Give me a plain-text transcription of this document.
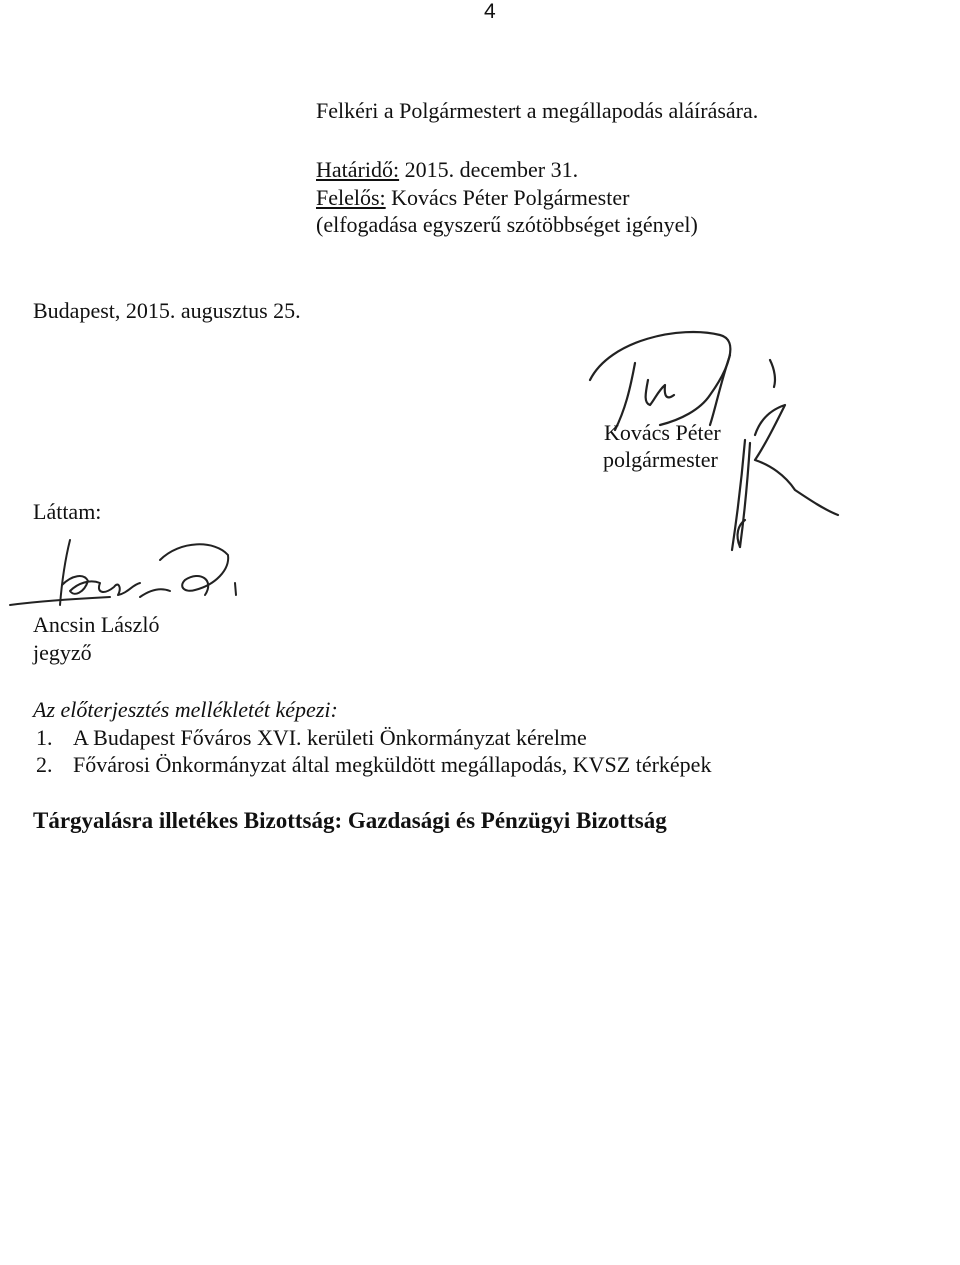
4
Felkéri a Polgármestert a megállapodás aláírására.
Határidő: 2015. december 31.
Felelős: Kovács Péter Polgármester
(elfogadása egyszerű szótöbbséget igényel)
Budapest, 2015. augusztus 25.
Kovács Péter
polgármester
Láttam:
Ancsin László
jegyző
Az előterjesztés mellékletét képezi:
1. A Budapest Főváros XVI. kerületi Önkormányzat kérelme
2. Fővárosi Önkormányzat által megküldött megállapodás, KVSZ térképek
Tárgyalásra illetékes Bizottság: Gazdasági és Pénzügyi Bizottság
